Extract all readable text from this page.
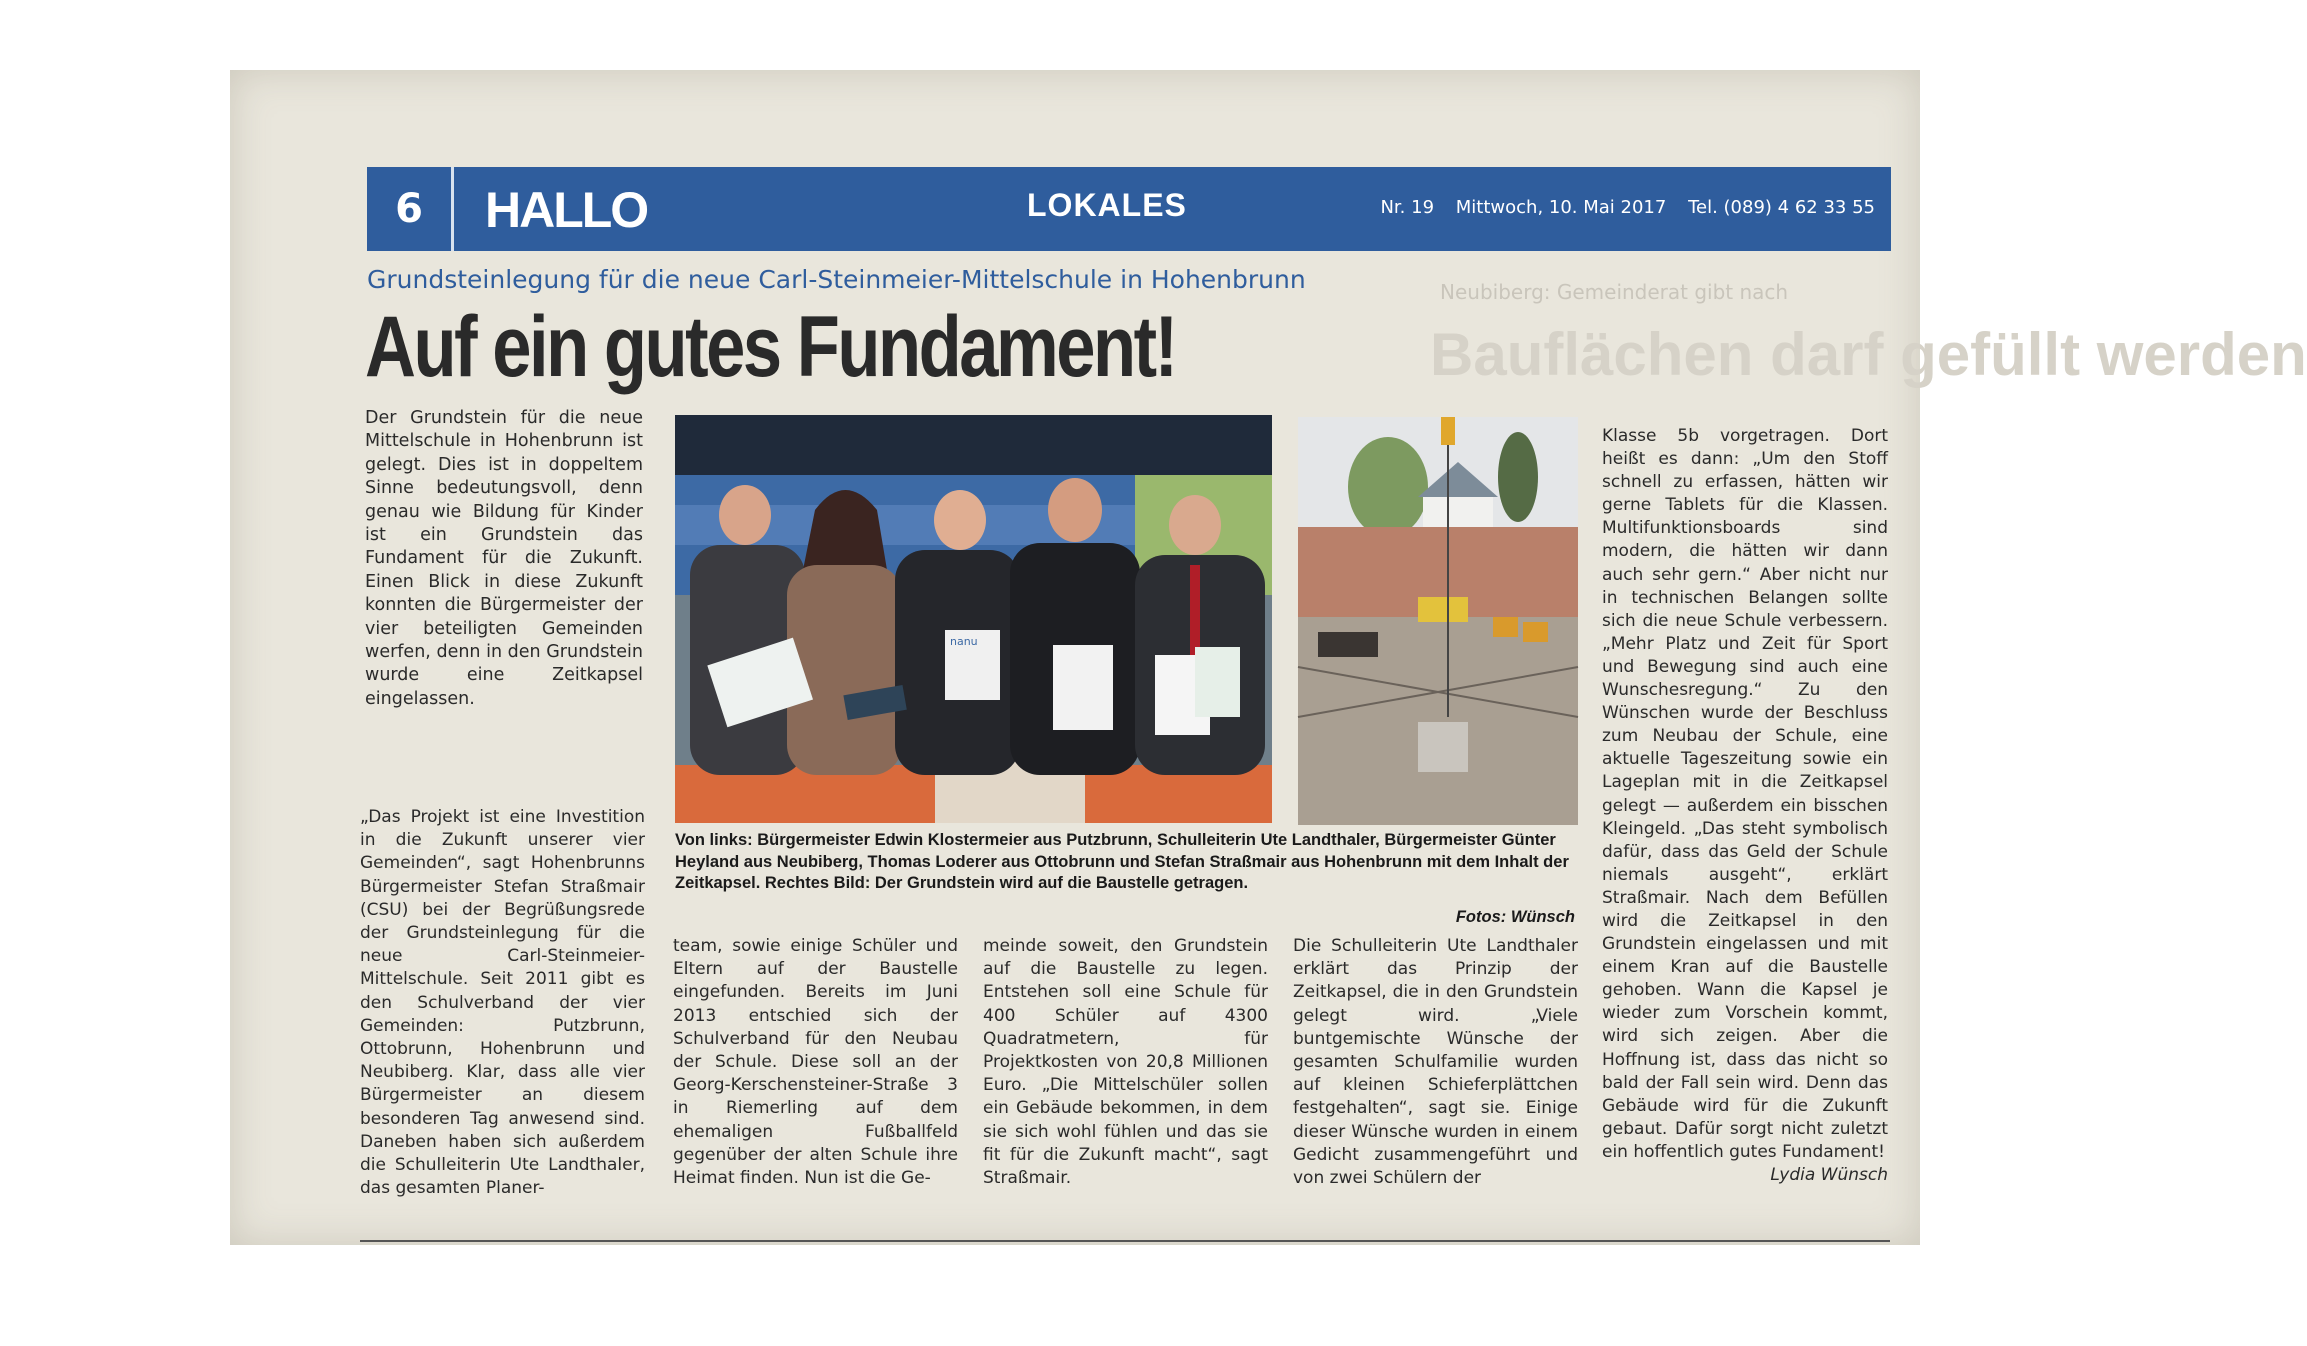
Neubiberg: Gemeinderat gibt nach
Bauflächen darf gefüllt werden
6	HALLO	LOKALES	Nr. 19 Mittwoch, 10. Mai 2017 Tel. (089) 4 62 33 55
Grundsteinlegung für die neue Carl-Steinmeier-Mittelschule in Hohenbrunn
Auf ein gutes Fundament!

Der Grundstein für die neue Mittelschule in Hohenbrunn ist gelegt. Dies ist in doppeltem Sinne bedeutungsvoll, denn genau wie Bildung für Kinder ist ein Grundstein das Fundament für die Zukunft. Einen Blick in diese Zukunft konnten die Bürgermeister der vier beteiligten Gemeinden werfen, denn in den Grundstein wurde eine Zeitkapsel eingelassen.

„Das Projekt ist eine Investition in die Zukunft unserer vier Gemeinden“, sagt Hohenbrunns Bürgermeister Stefan Straßmair (CSU) bei der Begrüßungsrede der Grundsteinlegung für die neue Carl-Steinmeier-Mittelschule. Seit 2011 gibt es den Schulverband der vier Gemeinden: Putzbrunn, Ottobrunn, Hohenbrunn und Neubiberg. Klar, dass alle vier Bürgermeister an diesem besonderen Tag anwesend sind. Daneben haben sich außerdem die Schulleiterin Ute Landthaler, das gesamten Planer-

nanu
Von links: Bürgermeister Edwin Klostermeier aus Putzbrunn, Schulleiterin Ute Landthaler, Bürgermeister Günter Heyland aus Neubiberg, Thomas Loderer aus Ottobrunn und Stefan Straßmair aus Hohenbrunn mit dem Inhalt der Zeitkapsel. Rechtes Bild: Der Grundstein wird auf die Baustelle getragen.
Fotos: Wünsch

team, sowie einige Schüler und Eltern auf der Baustelle eingefunden. Bereits im Juni 2013 entschied sich der Schulverband für den Neubau der Schule. Diese soll an der Georg-Kerschensteiner-Straße 3 in Riemerling auf dem ehemaligen Fußballfeld gegenüber der alten Schule ihre Heimat finden. Nun ist die Ge-

meinde soweit, den Grundstein auf die Baustelle zu legen. Entstehen soll eine Schule für 400 Schüler auf 4300 Quadratmetern, für Projektkosten von 20,8 Millionen Euro. „Die Mittelschüler sollen ein Gebäude bekommen, in dem sie sich wohl fühlen und das sie fit für die Zukunft macht“, sagt Straßmair.

Die Schulleiterin Ute Landthaler erklärt das Prinzip der Zeitkapsel, die in den Grundstein gelegt wird. „Viele buntgemischte Wünsche der gesamten Schulfamilie wurden auf kleinen Schieferplättchen festgehalten“, sagt sie. Einige dieser Wünsche wurden in einem Gedicht zusammengeführt und von zwei Schülern der

Klasse 5b vorgetragen. Dort heißt es dann: „Um den Stoff schnell zu erfassen, hätten wir gerne Tablets für die Klassen. Multifunktionsboards sind modern, die hätten wir dann auch sehr gern.“ Aber nicht nur in technischen Belangen sollte sich die neue Schule verbessern. „Mehr Platz und Zeit für Sport und Bewegung sind auch eine Wunschesregung.“ Zu den Wünschen wurde der Beschluss zum Neubau der Schule, eine aktuelle Tageszeitung sowie ein Lageplan mit in die Zeitkapsel gelegt — außerdem ein bisschen Kleingeld. „Das steht symbolisch dafür, dass das Geld der Schule niemals ausgeht“, erklärt Straßmair. Nach dem Befüllen wird die Zeitkapsel in den Grundstein eingelassen und mit einem Kran auf die Baustelle gehoben. Wann die Kapsel je wieder zum Vorschein kommt, wird sich zeigen. Aber die Hoffnung ist, dass das nicht so bald der Fall sein wird. Denn das Gebäude wird für die Zukunft gebaut. Dafür sorgt nicht zuletzt ein hoffentlich gutes Fundament!
Lydia Wünsch
